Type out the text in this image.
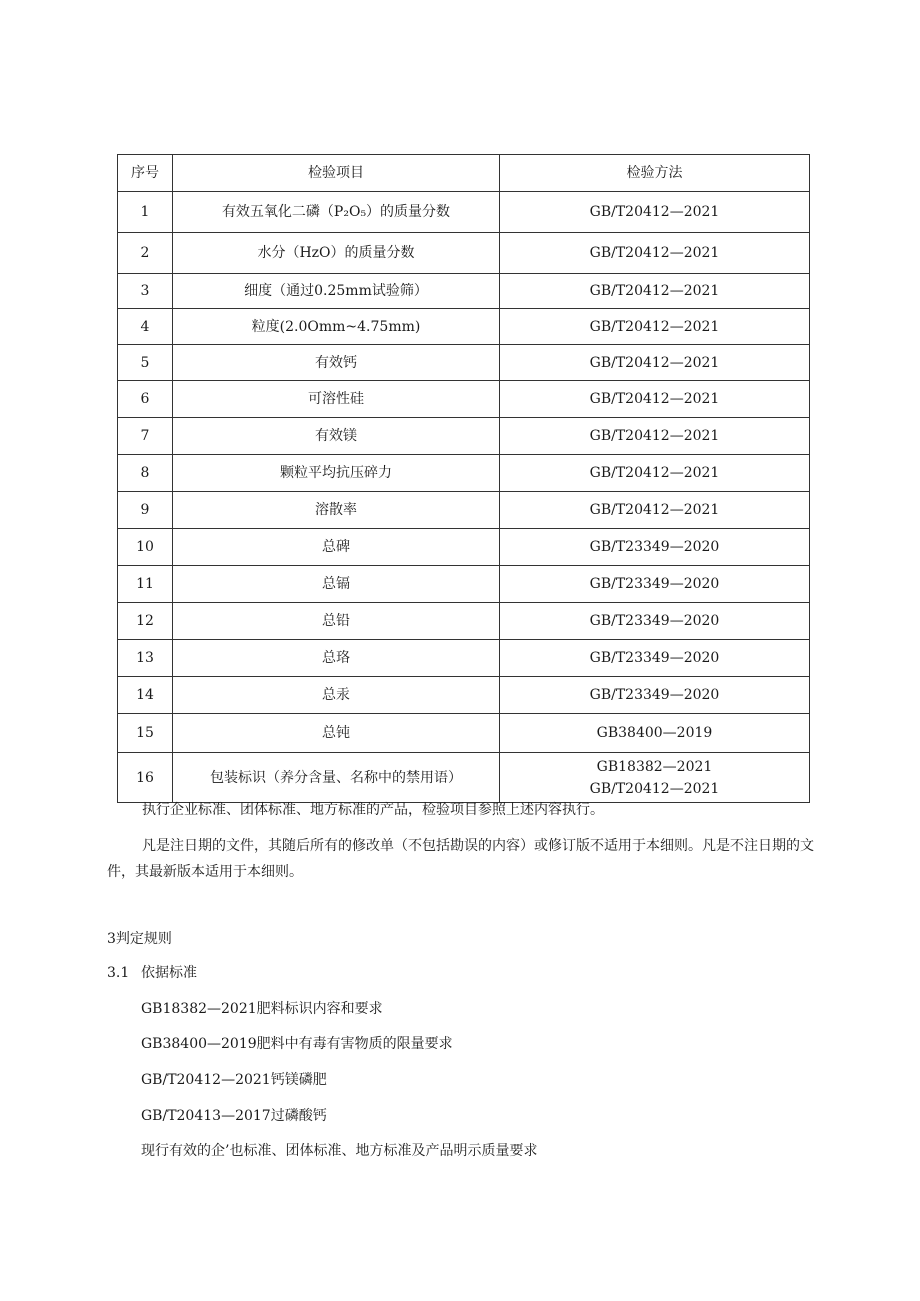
序号	检验项目	检验方法
1	有效五氧化二磷（P₂O₅）的质量分数	GB/T20412—2021
2	水分（HzO）的质量分数	GB/T20412—2021
3	细度（通过0.25mm试验筛）	GB/T20412—2021
4	粒度(2.0Omm~4.75mm)	GB/T20412—2021
5	有效钙	GB/T20412—2021
6	可溶性硅	GB/T20412—2021
7	有效镁	GB/T20412—2021
8	颗粒平均抗压碎力	GB/T20412—2021
9	溶散率	GB/T20412—2021
10	总碑	GB/T23349—2020
11	总镉	GB/T23349—2020
12	总铅	GB/T23349—2020
13	总珞	GB/T23349—2020
14	总汞	GB/T23349—2020
15	总钝	GB38400—2019
16	包装标识（养分含量、名称中的禁用语）	GB18382—2021
GB/T20412—2021
执行企业标准、团体标准、地方标准的产品，检验项目参照上述内容执行。
凡是注日期的文件，其随后所有的修改单（不包括勘误的内容）或修订版不适用于本细则。凡是不注日期的文件，其最新版本适用于本细则。
3判定规则
3.1 依据标准
GB18382—2021肥料标识内容和要求
GB38400—2019肥料中有毒有害物质的限量要求
GB/T20412—2021钙镁磷肥
GB/T20413—2017过磷酸钙
现行有效的企’也标准、团体标准、地方标准及产品明示质量要求
